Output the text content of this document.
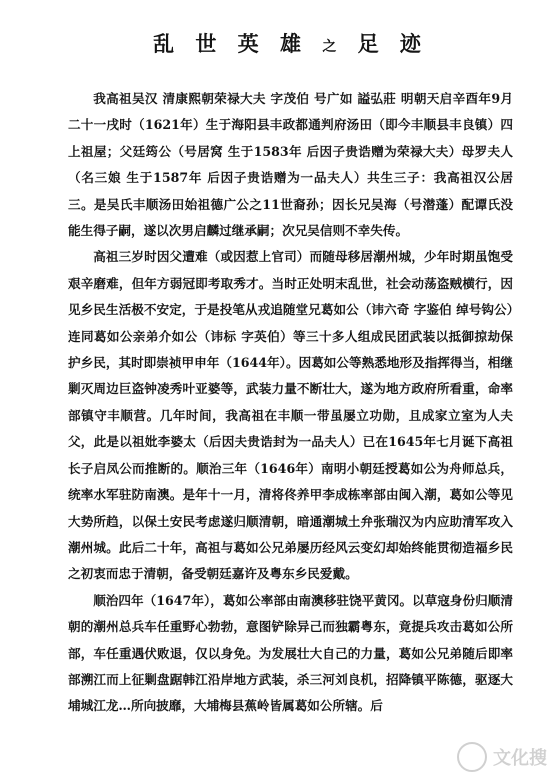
乱 世 英 雄 之 足 迹

我高祖吴汉 清康熙朝荣禄大夫 字茂伯 号广如 謚弘莊 明朝天启辛酉年9月二十一戌时（1621年）生于海阳县丰政都通判府汤田（即今丰顺县丰良镇）四上祖屋；父廷筠公（号居窝 生于1583年 后因子贵诰赠为荣禄大夫）母罗夫人（名三娘 生于1587年 后因子贵诰赠为一品夫人）共生三子：我高祖汉公居三。是吴氏丰顺汤田始祖德广公之11世裔孙；因长兄吴海（号潜蓬）配谭氏没能生得子嗣，遂以次男启麟过继承嗣；次兄吴信则不幸失传。

高祖三岁时因父遭难（或因惹上官司）而随母移居潮州城，少年时期虽饱受艰辛磨难，但年方弱冠即考取秀才。当时正处明末乱世，社会动荡盗贼横行，因见乡民生活极不安定，于是投笔从戎追随堂兄葛如公（讳六奇 字鉴伯 绰号钩公）连同葛如公亲弟介如公（讳标 字英伯）等三十多人组成民团武装以抵御掠劫保护乡民，其时即崇祯甲申年（1644年）。因葛如公等熟悉地形及指挥得当，相继剿灭周边巨盗钟凌秀叶亚婆等，武装力量不断壮大，遂为地方政府所看重，命率部镇守丰顺营。几年时间，我高祖在丰顺一带虽屡立功勋，且成家立室为人夫父，此是以祖妣李婆太（后因夫贵诰封为一品夫人）已在1645年七月诞下高祖长子启凤公而推断的。顺治三年（1646年）南明小朝廷授葛如公为舟师总兵，统率水军驻防南澳。是年十一月，清将佟养甲李成栋率部由闽入潮，葛如公等见大势所趋，以保土安民考虑遂归顺清朝，暗通潮城土弁张瑞汉为内应助清军攻入潮州城。此后二十年，高祖与葛如公兄弟屡历经风云变幻却始终能贯彻造福乡民之初衷而忠于清朝，备受朝廷嘉许及粤东乡民爱戴。

顺治四年（1647年），葛如公率部由南澳移驻饶平黄冈。以草寇身份归顺清朝的潮州总兵车任重野心勃勃，意图铲除异己而独霸粤东，竟提兵攻击葛如公所部，车任重遇伏败退，仅以身免。为发展壮大自己的力量，葛如公兄弟随后即率部溯江而上征剿盘踞韩江沿岸地方武装，杀三河刘良机，招降镇平陈德，驱逐大埔城江龙…所向披靡，大埔梅县蕉岭皆属葛如公所辖。后

文化搜
